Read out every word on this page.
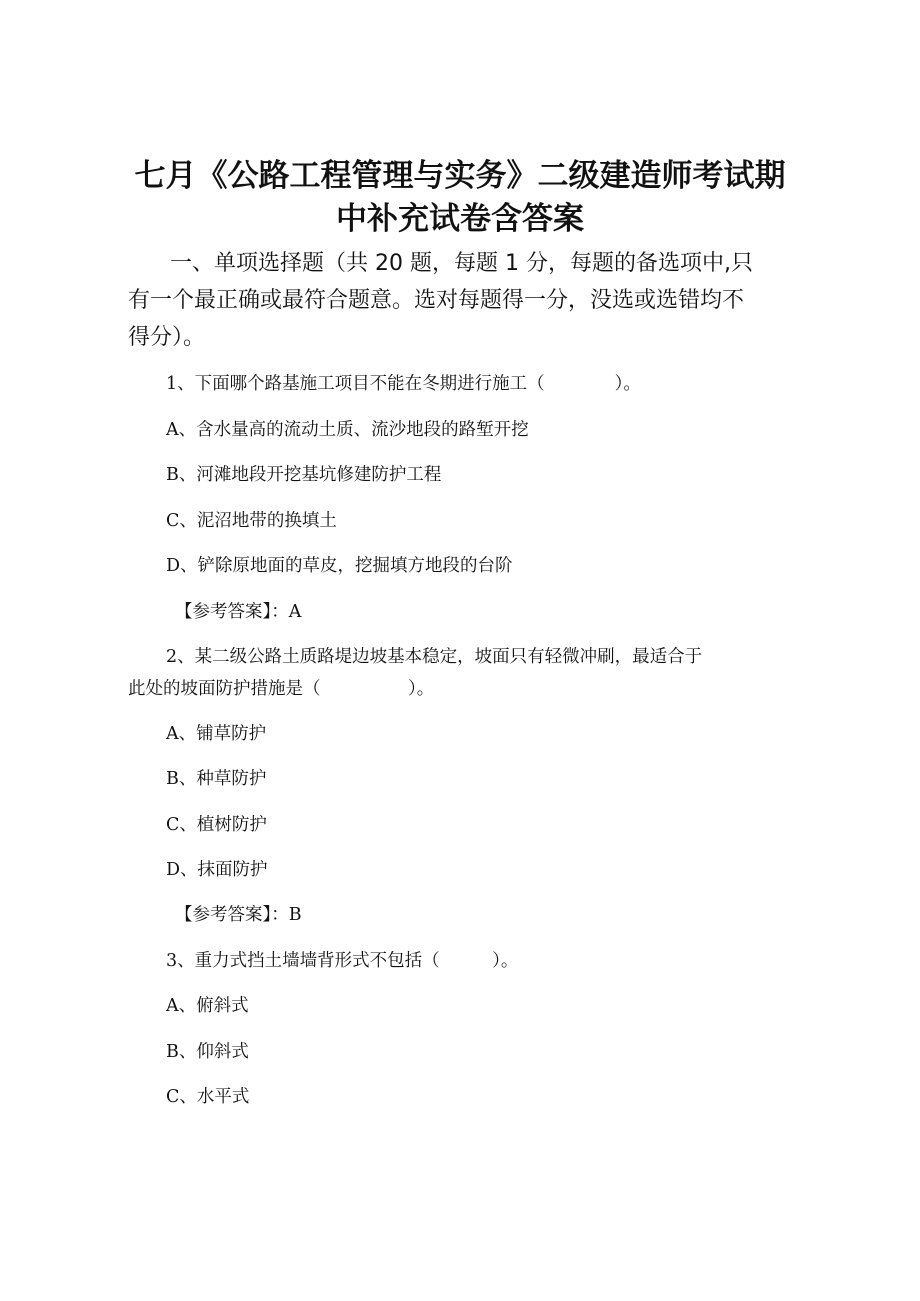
七月《公路工程管理与实务》二级建造师考试期
中补充试卷含答案
一、单项选择题（共 20 题，每题 1 分，每题的备选项中,只
有一个最正确或最符合题意。选对每题得一分，没选或选错均不
得分）。
1、下面哪个路基施工项目不能在冬期进行施工（　　　　）。
A、含水量高的流动土质、流沙地段的路堑开挖
B、河滩地段开挖基坑修建防护工程
C、泥沼地带的换填土
D、铲除原地面的草皮，挖掘填方地段的台阶
【参考答案】：A
2、某二级公路土质路堤边坡基本稳定，坡面只有轻微冲刷，最适合于
此处的坡面防护措施是（　　　　　）。
A、铺草防护
B、种草防护
C、植树防护
D、抹面防护
【参考答案】：B
3、重力式挡土墙墙背形式不包括（　　　）。
A、俯斜式
B、仰斜式
C、水平式
